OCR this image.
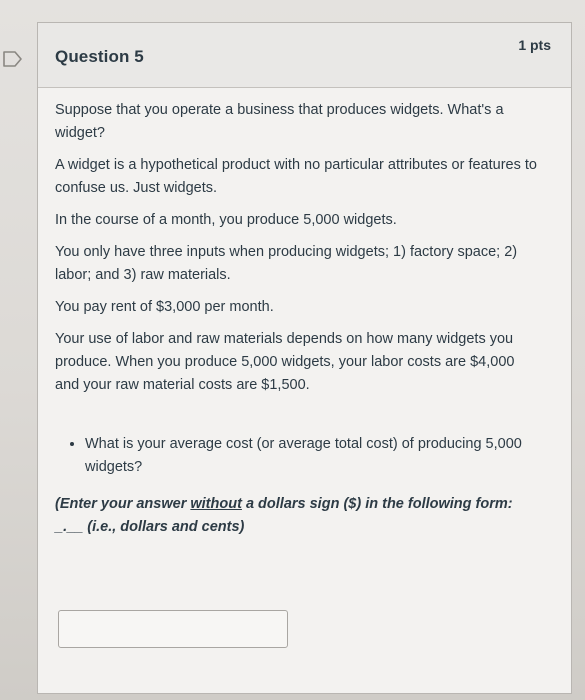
Question 5
1 pts

Suppose that you operate a business that produces widgets. What's a widget?

A widget is a hypothetical product with no particular attributes or features to confuse us. Just widgets.

In the course of a month, you produce 5,000 widgets.

You only have three inputs when producing widgets; 1) factory space; 2) labor; and 3) raw materials.

You pay rent of $3,000 per month.

Your use of labor and raw materials depends on how many widgets you produce. When you produce 5,000 widgets, your labor costs are $4,000 and your raw material costs are $1,500.

• What is your average cost (or average total cost) of producing 5,000 widgets?

(Enter your answer without a dollars sign ($) in the following form: _.__ (i.e., dollars and cents)
